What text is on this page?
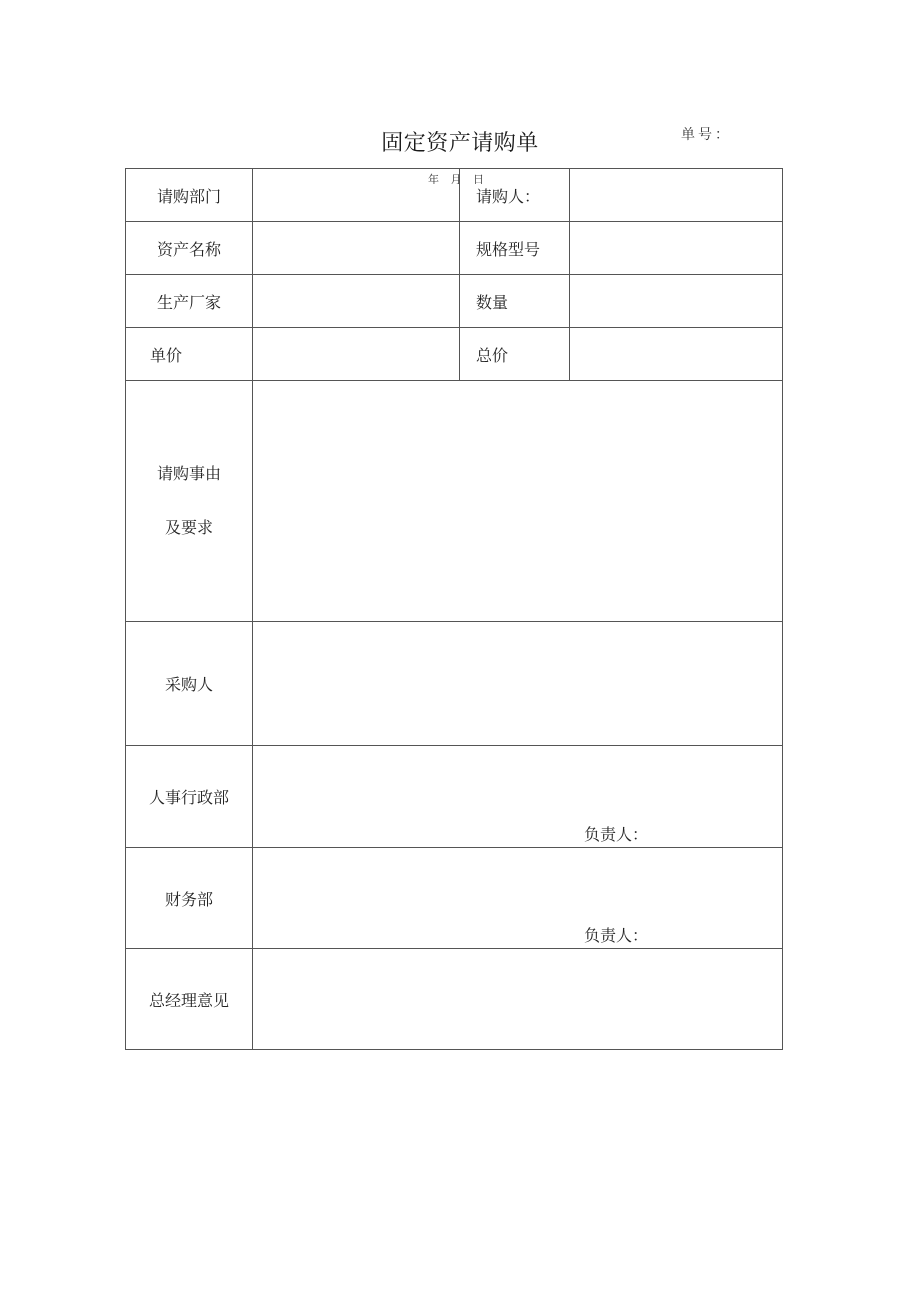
固定资产请购单	单号：
年 月 日
请购部门		请购人：	
资产名称		规格型号	
生产厂家		数量	
单价		总价	

请购事由
及要求			

采购人			
人事行政部	负责人：		

财务部	负责人：		

总经理意见			
